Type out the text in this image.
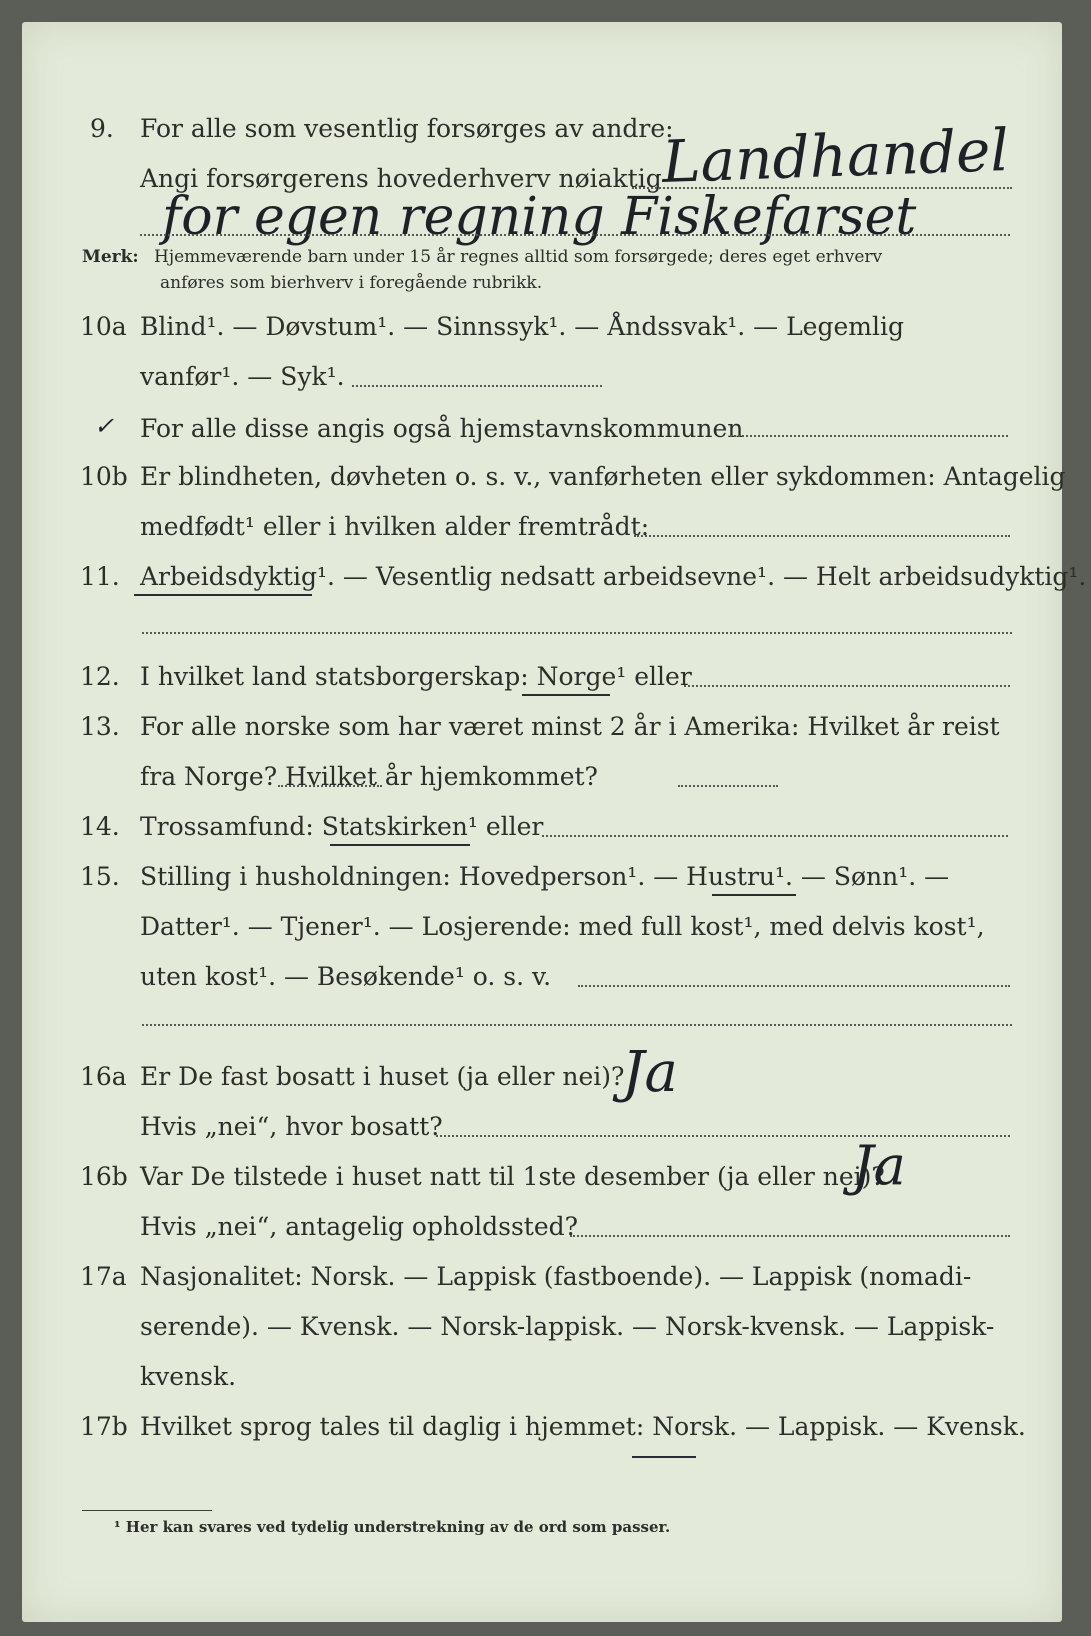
9. For alle som vesentlig forsørges av andre:
Angi forsørgerens hovederhverv nøiaktig Landhandel
for egen regning Fiskefarset
Merk: Hjemmeværende barn under 15 år regnes alltid som forsørgede; deres eget erhverv
anføres som bierhverv i foregående rubrikk.
10a Blind¹. — Døvstum¹. — Sinnssyk¹. — Åndssvak¹. — Legemlig
vanfør¹. — Syk¹.
For alle disse angis også hjemstavnskommunen
✓
10b Er blindheten, døvheten o. s. v., vanførheten eller sykdommen: Antagelig
medfødt¹ eller i hvilken alder fremtrådt:
11. Arbeidsdyktig¹. — Vesentlig nedsatt arbeidsevne¹. — Helt arbeidsudyktig¹.
12. I hvilket land statsborgerskap: Norge¹ eller
13. For alle norske som har været minst 2 år i Amerika: Hvilket år reist
fra Norge? Hvilket år hjemkommet?
14. Trossamfund: Statskirken¹ eller
15. Stilling i husholdningen: Hovedperson¹. — Hustru¹. — Sønn¹. —
Datter¹. — Tjener¹. — Losjerende: med full kost¹, med delvis kost¹,
uten kost¹. — Besøkende¹ o. s. v.
16a Er De fast bosatt i huset (ja eller nei)?
Ja
Hvis „nei“, hvor bosatt?
16b Var De tilstede i huset natt til 1ste desember (ja eller nei)?
Ja
Hvis „nei“, antagelig opholdssted?
17a Nasjonalitet: Norsk. — Lappisk (fastboende). — Lappisk (nomadi-
serende). — Kvensk. — Norsk-lappisk. — Norsk-kvensk. — Lappisk-
kvensk.
17b Hvilket sprog tales til daglig i hjemmet: Norsk. — Lappisk. — Kvensk.
¹ Her kan svares ved tydelig understrekning av de ord som passer.
